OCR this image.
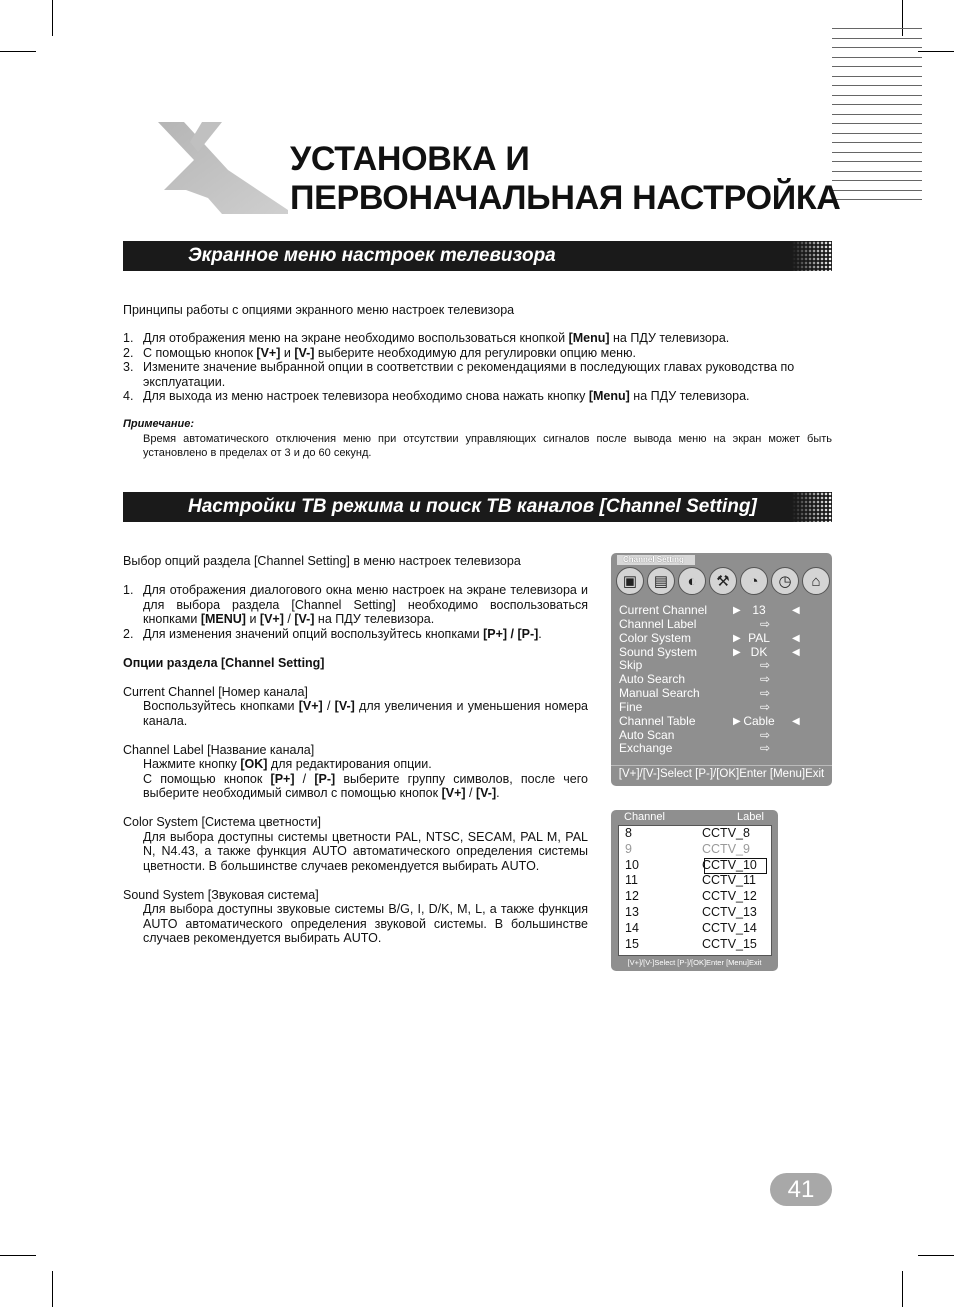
УСТАНОВКА И
ПЕРВОНАЧАЛЬНАЯ НАСТРОЙКА
Экранное меню настроек телевизора
Принципы работы с опциями экранного меню настроек телевизора
1. Для отображения меню на экране необходимо воспользоваться кнопкой [Menu] на ПДУ телевизора.
2. С помощью кнопок [V+] и [V-] выберите необходимую для регулировки опцию меню.
3. Измените значение выбранной опции в соответствии с рекомендациями в последующих главах руководства по эксплуатации.
4. Для выхода из меню настроек телевизора необходимо снова нажать кнопку [Menu] на ПДУ телевизора.
Примечание:
Время автоматического отключения меню при отсутствии управляющих сигналов после вывода меню на экран может быть установлено в пределах от 3 и до 60 секунд.
Настройки ТВ режима и поиск ТВ каналов [Channel Setting]
Выбор опций раздела [Channel Setting] в меню настроек телевизора
1. Для отображения диалогового окна меню настроек на экране телевизора и для выбора раздела [Channel Setting] необходимо воспользоваться кнопками [MENU] и [V+] / [V-] на ПДУ телевизора.
2. Для изменения значений опций воспользуйтесь кнопками [P+] / [P-].
Опции раздела [Channel Setting]
Current Channel [Номер канала]
Воспользуйтесь кнопками [V+] / [V-] для увеличения и уменьшения номера канала.
Channel Label [Название канала]
Нажмите кнопку [OK] для редактирования опции.
С помощью кнопок [P+] / [P-] выберите группу символов, после чего выберите необходимый символ с помощью кнопок [V+] / [V-].
Color System [Система цветности]
Для выбора доступны системы цветности PAL, NTSC, SECAM, PAL M, PAL N, N4.43, а также функция AUTO автоматического определения системы цветности. В большинстве случаев рекомендуется выбирать AUTO.
Sound System [Звуковая система]
Для выбора доступны звуковые системы B/G, I, D/K, M, L, а также функция AUTO автоматического определения звуковой системы. В большинстве случаев рекомендуется выбирать AUTO.
Channel Setting
▣	▤	◐	⚒	◔	◷	⌂
Current Channel	▶ 13	◀
Channel Label	⇨
Color System	▶ PAL	◀
Sound System	▶ DK	◀
Skip	⇨
Auto Search	⇨
Manual Search	⇨
Fine	⇨
Channel Table	▶ Cable	◀
Auto Scan	⇨
Exchange	⇨
[V+]/[V-]Select [P-]/[OK]Enter [Menu]Exit
Channel	Label
8	CCTV_8
9	CCTV_9
10	CCTV_10
11	CCTV_11
12	CCTV_12
13	CCTV_13
14	CCTV_14
15	CCTV_15
[V+]/[V-]Select [P-]/[OK]Enter [Menu]Exit
41
